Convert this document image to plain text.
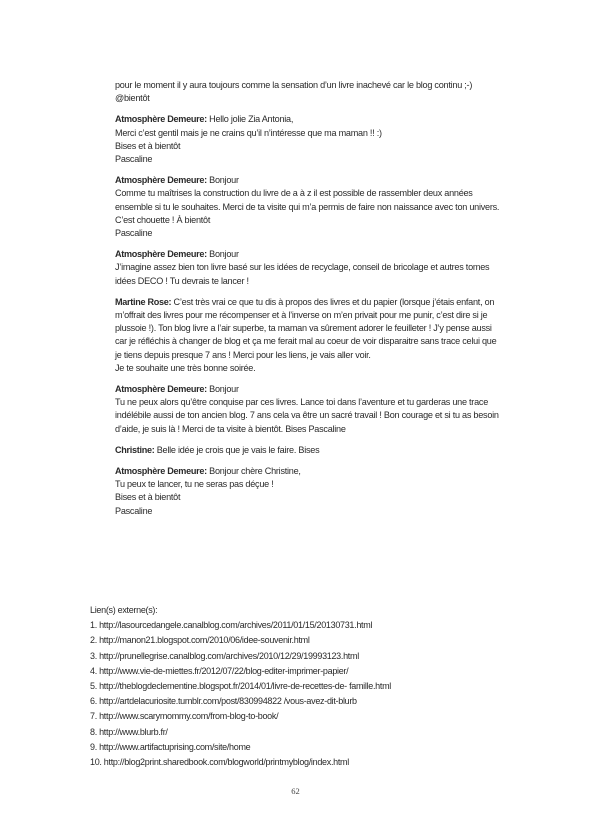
pour le moment il y aura toujours comme la sensation d’un livre inachevé car le blog continu ;-)
@bientôt
Atmosphère Demeure: Hello jolie Zia Antonia,
Merci c’est gentil mais je ne crains qu’il n’intéresse que ma maman !! :)
Bises et à bientôt
Pascaline
Atmosphère Demeure: Bonjour
Comme tu maîtrises la construction du livre de a à z il est possible de rassembler deux années
ensemble si tu le souhaites. Merci de ta visite qui m’a permis de faire non naissance avec ton univers.
C’est chouette ! À bientôt
Pascaline
Atmosphère Demeure: Bonjour
J’imagine assez bien ton livre basé sur les idées de recyclage, conseil de bricolage et autres tomes
idées DECO ! Tu devrais te lancer !
Martine Rose: C’est très vrai ce que tu dis à propos des livres et du papier (lorsque j’étais enfant, on
m’offrait des livres pour me récompenser et à l’inverse on m’en privait pour me punir, c’est dire si je
plussoie !). Ton blog livre a l’air superbe, ta maman va sûrement adorer le feuilleter ! J’y pense aussi
car je réfléchis à changer de blog et ça me ferait mal au coeur de voir disparaitre sans trace celui que
je tiens depuis presque 7 ans ! Merci pour les liens, je vais aller voir.
Je te souhaite une très bonne soirée.
Atmosphère Demeure: Bonjour
Tu ne peux alors qu’être conquise par ces livres. Lance toi dans l’aventure et tu garderas une trace
indélébile aussi de ton ancien blog. 7 ans cela va être un sacré travail ! Bon courage et si tu as besoin
d’aide, je suis là ! Merci de ta visite à bientôt. Bises Pascaline
Christine: Belle idée je crois que je vais le faire. Bises
Atmosphère Demeure: Bonjour chère Christine,
Tu peux te lancer, tu ne seras pas déçue !
Bises et à bientôt
Pascaline
Lien(s) externe(s):
1. http://lasourcedangele.canalblog.com/archives/2011/01/15/20130731.html
2. http://manon21.blogspot.com/2010/06/idee-souvenir.html
3. http://prunellegrise.canalblog.com/archives/2010/12/29/19993123.html
4. http://www.vie-de-miettes.fr/2012/07/22/blog-editer-imprimer-papier/
5. http://theblogdeclementine.blogspot.fr/2014/01/livre-de-recettes-de- famille.html
6. http://artdelacuriosite.tumblr.com/post/830994822 /vous-avez-dit-blurb
7. http://www.scarymommy.com/from-blog-to-book/
8. http://www.blurb.fr/
9. http://www.artifactuprising.com/site/home
10. http://blog2print.sharedbook.com/blogworld/printmyblog/index.html
62
